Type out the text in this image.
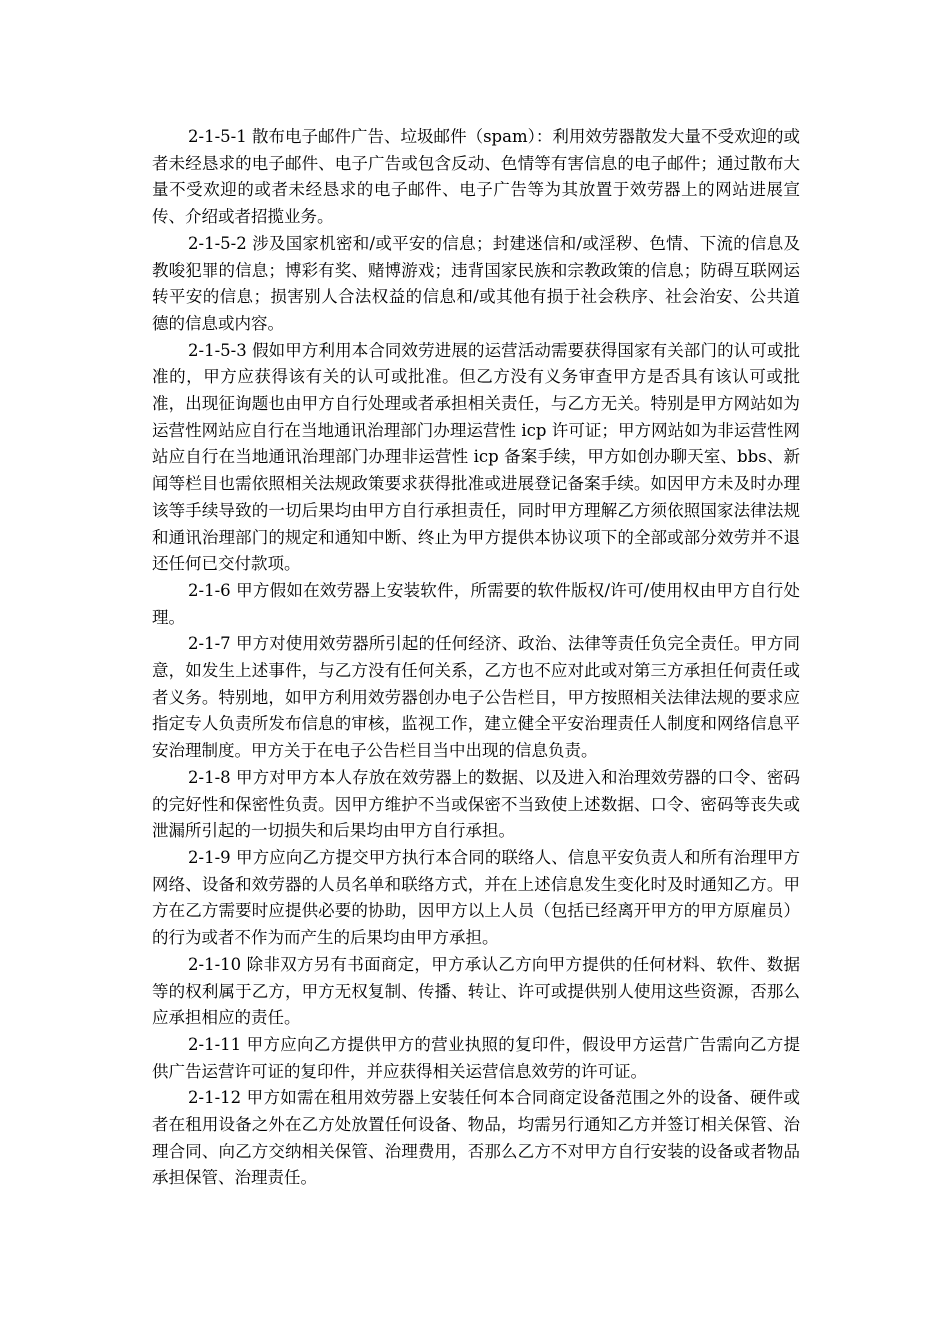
2-1-5-1 散布电子邮件广告、垃圾邮件（spam）：利用效劳器散发大量不受欢迎的或者未经恳求的电子邮件、电子广告或包含反动、色情等有害信息的电子邮件；通过散布大量不受欢迎的或者未经恳求的电子邮件、电子广告等为其放置于效劳器上的网站进展宣传、介绍或者招揽业务。

2-1-5-2 涉及国家机密和/或平安的信息；封建迷信和/或淫秽、色情、下流的信息及教唆犯罪的信息；博彩有奖、赌博游戏；违背国家民族和宗教政策的信息；防碍互联网运转平安的信息；损害别人合法权益的信息和/或其他有损于社会秩序、社会治安、公共道德的信息或内容。

2-1-5-3 假如甲方利用本合同效劳进展的运营活动需要获得国家有关部门的认可或批准的，甲方应获得该有关的认可或批准。但乙方没有义务审查甲方是否具有该认可或批准，出现征询题也由甲方自行处理或者承担相关责任，与乙方无关。特别是甲方网站如为运营性网站应自行在当地通讯治理部门办理运营性 icp 许可证；甲方网站如为非运营性网站应自行在当地通讯治理部门办理非运营性 icp 备案手续，甲方如创办聊天室、bbs、新闻等栏目也需依照相关法规政策要求获得批准或进展登记备案手续。如因甲方未及时办理该等手续导致的一切后果均由甲方自行承担责任，同时甲方理解乙方须依照国家法律法规和通讯治理部门的规定和通知中断、终止为甲方提供本协议项下的全部或部分效劳并不退还任何已交付款项。

2-1-6 甲方假如在效劳器上安装软件，所需要的软件版权/许可/使用权由甲方自行处理。

2-1-7 甲方对使用效劳器所引起的任何经济、政治、法律等责任负完全责任。甲方同意，如发生上述事件，与乙方没有任何关系，乙方也不应对此或对第三方承担任何责任或者义务。特别地，如甲方利用效劳器创办电子公告栏目，甲方按照相关法律法规的要求应指定专人负责所发布信息的审核，监视工作，建立健全平安治理责任人制度和网络信息平安治理制度。甲方关于在电子公告栏目当中出现的信息负责。

2-1-8 甲方对甲方本人存放在效劳器上的数据、以及进入和治理效劳器的口令、密码的完好性和保密性负责。因甲方维护不当或保密不当致使上述数据、口令、密码等丧失或泄漏所引起的一切损失和后果均由甲方自行承担。

2-1-9 甲方应向乙方提交甲方执行本合同的联络人、信息平安负责人和所有治理甲方网络、设备和效劳器的人员名单和联络方式，并在上述信息发生变化时及时通知乙方。甲方在乙方需要时应提供必要的协助，因甲方以上人员（包括已经离开甲方的甲方原雇员）的行为或者不作为而产生的后果均由甲方承担。

2-1-10 除非双方另有书面商定，甲方承认乙方向甲方提供的任何材料、软件、数据等的权利属于乙方，甲方无权复制、传播、转让、许可或提供别人使用这些资源，否那么应承担相应的责任。

2-1-11 甲方应向乙方提供甲方的营业执照的复印件，假设甲方运营广告需向乙方提供广告运营许可证的复印件，并应获得相关运营信息效劳的许可证。

2-1-12 甲方如需在租用效劳器上安装任何本合同商定设备范围之外的设备、硬件或者在租用设备之外在乙方处放置任何设备、物品，均需另行通知乙方并签订相关保管、治理合同、向乙方交纳相关保管、治理费用，否那么乙方不对甲方自行安装的设备或者物品承担保管、治理责任。
